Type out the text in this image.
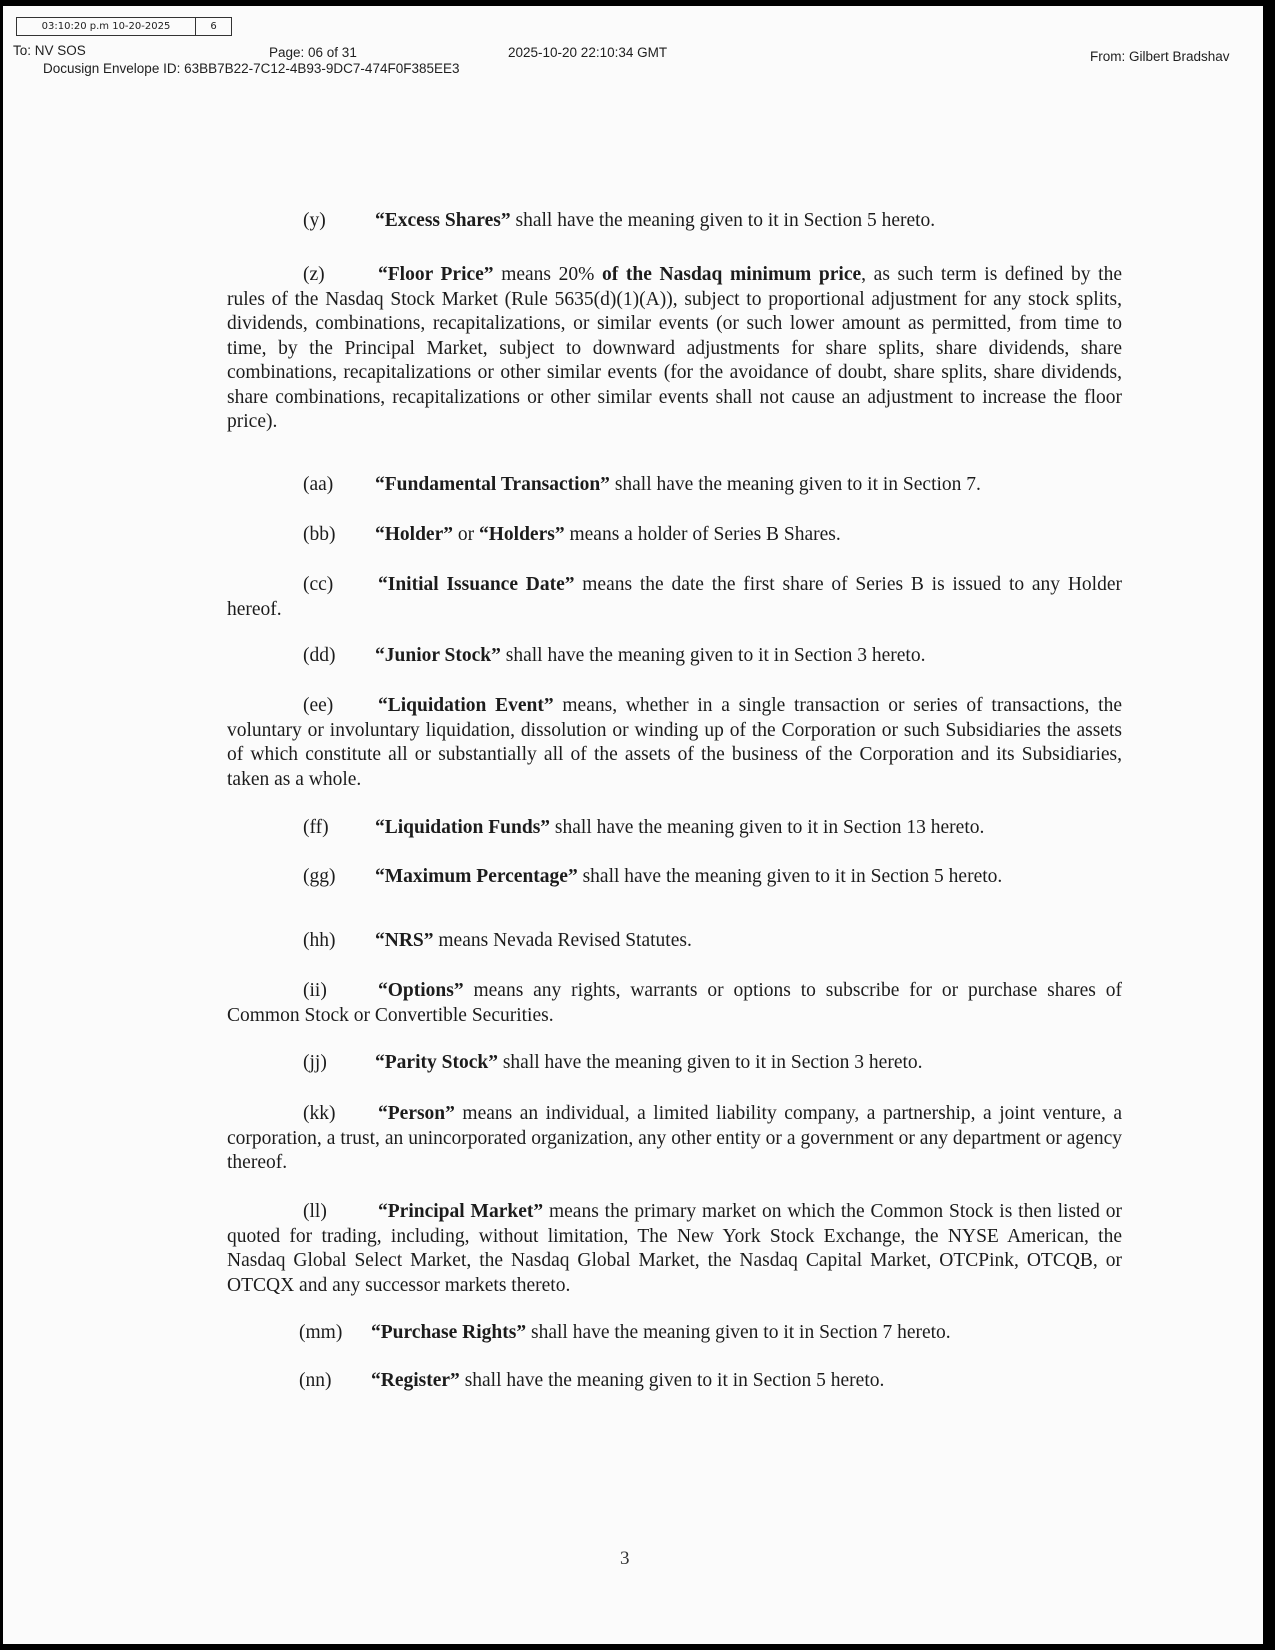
03:10:20 p.m 10-20-2025	6
To: NV SOS	Page: 06 of 31	2025-10-20 22:10:34 GMT	From: Gilbert Bradshav
Docusign Envelope ID: 63BB7B22-7C12-4B93-9DC7-474F0F385EE3
(y)	“Excess Shares” shall have the meaning given to it in Section 5 hereto.
(z)	“Floor Price” means 20% of the Nasdaq minimum price, as such term is defined by the rules of the Nasdaq Stock Market (Rule 5635(d)(1)(A)), subject to proportional adjustment for any stock splits, dividends, combinations, recapitalizations, or similar events (or such lower amount as permitted, from time to time, by the Principal Market, subject to downward adjustments for share splits, share dividends, share combinations, recapitalizations or other similar events (for the avoidance of doubt, share splits, share dividends, share combinations, recapitalizations or other similar events shall not cause an adjustment to increase the floor price).
(aa) “Fundamental Transaction” shall have the meaning given to it in Section 7.
(bb) “Holder” or “Holders” means a holder of Series B Shares.
(cc) “Initial Issuance Date” means the date the first share of Series B is issued to any Holder hereof.
(dd) “Junior Stock” shall have the meaning given to it in Section 3 hereto.
(ee) “Liquidation Event” means, whether in a single transaction or series of transactions, the voluntary or involuntary liquidation, dissolution or winding up of the Corporation or such Subsidiaries the assets of which constitute all or substantially all of the assets of the business of the Corporation and its Subsidiaries, taken as a whole.
(ff) “Liquidation Funds” shall have the meaning given to it in Section 13 hereto.
(gg) “Maximum Percentage” shall have the meaning given to it in Section 5 hereto.
(hh) “NRS” means Nevada Revised Statutes.
(ii)	“Options” means any rights, warrants or options to subscribe for or purchase shares of Common Stock or Convertible Securities.
(jj) “Parity Stock” shall have the meaning given to it in Section 3 hereto.
(kk) “Person” means an individual, a limited liability company, a partnership, a joint venture, a corporation, a trust, an unincorporated organization, any other entity or a government or any department or agency thereof.
(ll)	“Principal Market” means the primary market on which the Common Stock is then listed or quoted for trading, including, without limitation, The New York Stock Exchange, the NYSE American, the Nasdaq Global Select Market, the Nasdaq Global Market, the Nasdaq Capital Market, OTCPink, OTCQB, or OTCQX and any successor markets thereto.
(mm) “Purchase Rights” shall have the meaning given to it in Section 7 hereto.
(nn) “Register” shall have the meaning given to it in Section 5 hereto.
3
